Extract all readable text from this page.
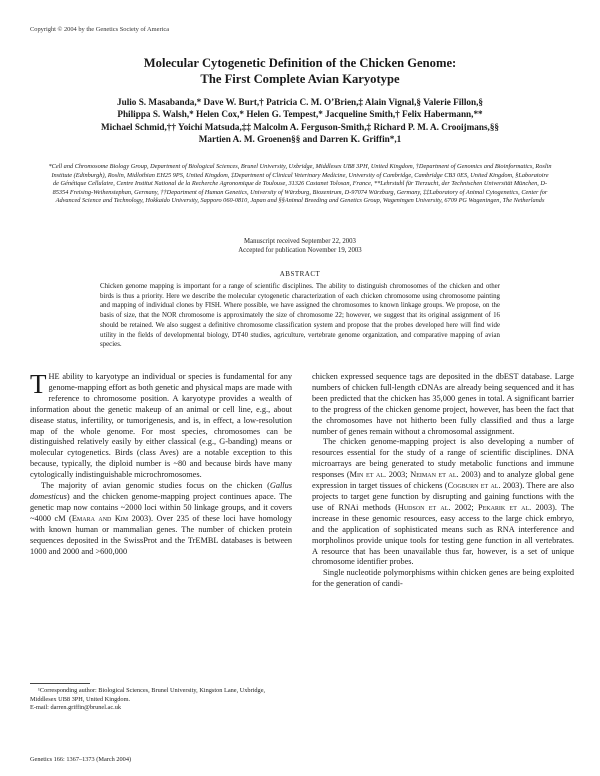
Copyright © 2004 by the Genetics Society of America
Molecular Cytogenetic Definition of the Chicken Genome:
The First Complete Avian Karyotype
Julio S. Masabanda,* Dave W. Burt,† Patricia C. M. O’Brien,‡ Alain Vignal,§ Valerie Fillon,§
Philippa S. Walsh,* Helen Cox,* Helen G. Tempest,* Jacqueline Smith,† Felix Habermann,**
Michael Schmid,†† Yoichi Matsuda,‡‡ Malcolm A. Ferguson-Smith,‡ Richard P. M. A. Crooijmans,§§
Martien A. M. Groenen§§ and Darren K. Griffin*,1
*Cell and Chromosome Biology Group, Department of Biological Sciences, Brunel University, Uxbridge, Middlesex UB8 3PH, United Kingdom, †Department of Genomics and Bioinformatics, Roslin Institute (Edinburgh), Roslin, Midlothian EH25 9PS, United Kingdom, ‡Department of Clinical Veterinary Medicine, University of Cambridge, Cambridge CB3 0ES, United Kingdom, §Laboratoire de Génétique Cellulaire, Centre Institut National de la Recherche Agronomique de Toulouse, 31326 Castanet Tolosan, France, **Lehrstuhl für Tierzucht, der Technischen Universität München, D-85354 Freising-Weihenstephan, Germany, ††Department of Human Genetics, University of Würzburg, Biozentrum, D-97074 Würzburg, Germany, ‡‡Laboratory of Animal Cytogenetics, Center for Advanced Science and Technology, Hokkaido University, Sapporo 060-0810, Japan and §§Animal Breeding and Genetics Group, Wageningen University, 6709 PG Wageningen, The Netherlands
Manuscript received September 22, 2003
Accepted for publication November 19, 2003
ABSTRACT
Chicken genome mapping is important for a range of scientific disciplines. The ability to distinguish chromosomes of the chicken and other birds is thus a priority. Here we describe the molecular cytogenetic characterization of each chicken chromosome using chromosome painting and mapping of individual clones by FISH. Where possible, we have assigned the chromosomes to known linkage groups. We propose, on the basis of size, that the NOR chromosome is approximately the size of chromosome 22; however, we suggest that its original assignment of 16 should be retained. We also suggest a definitive chromosome classification system and propose that the probes developed here will find wide utility in the fields of developmental biology, DT40 studies, agriculture, vertebrate genome organization, and comparative mapping of avian species.

THE ability to karyotype an individual or species is fundamental for any genome-mapping effort as both genetic and physical maps are made with reference to chromosome position. A karyotype provides a wealth of information about the genetic makeup of an animal or cell line, e.g., about disease status, infertility, or tumorigenesis, and is, in effect, a low-resolution map of the whole genome. For most species, chromosomes can be distinguished relatively easily by either classical (e.g., G-banding) means or molecular cytogenetics. Birds (class Aves) are a notable exception to this because, typically, the diploid number is ~80 and because birds have many cytologically indistinguishable microchromosomes.

The majority of avian genomic studies focus on the chicken (Gallus domesticus) and the chicken genome-mapping project continues apace. The genetic map now contains ~2000 loci within 50 linkage groups, and it covers ~4000 cM (Emara and Kim 2003). Over 235 of these loci have homology with known human or mammalian genes. The number of chicken protein sequences deposited in the SwissProt and the TrEMBL databases is between 1000 and 2000 and >600,000

chicken expressed sequence tags are deposited in the dbEST database. Large numbers of chicken full-length cDNAs are already being sequenced and it has been predicted that the chicken has 35,000 genes in total. A significant barrier to the progress of the chicken genome project, however, has been the fact that the chromosomes have not hitherto been fully classified and thus a large number of genes remain without a chromosomal assignment.

The chicken genome-mapping project is also developing a number of resources essential for the study of a range of scientific disciplines. DNA microarrays are being generated to study metabolic functions and immune responses (Min et al. 2003; Neiman et al. 2003) and to analyze global gene expression in target tissues of chickens (Cogburn et al. 2003). There are also projects to target gene function by disrupting and gaining functions with the use of RNAi methods (Hudson et al. 2002; Pekarik et al. 2003). The increase in these genomic resources, easy access to the large chick embryo, and the application of sophisticated means such as RNA interference and morpholinos provide unique tools for testing gene function in all vertebrates. A resource that has been unavailable thus far, however, is a set of unique chromosome identifier probes.

Single nucleotide polymorphisms within chicken genes are being exploited for the generation of candi-

¹Corresponding author: Biological Sciences, Brunel University, Kingston Lane, Uxbridge, Middlesex UB8 3PH, United Kingdom.

E-mail: darren.griffin@brunel.ac.uk
Genetics 166: 1367–1373 (March 2004)
